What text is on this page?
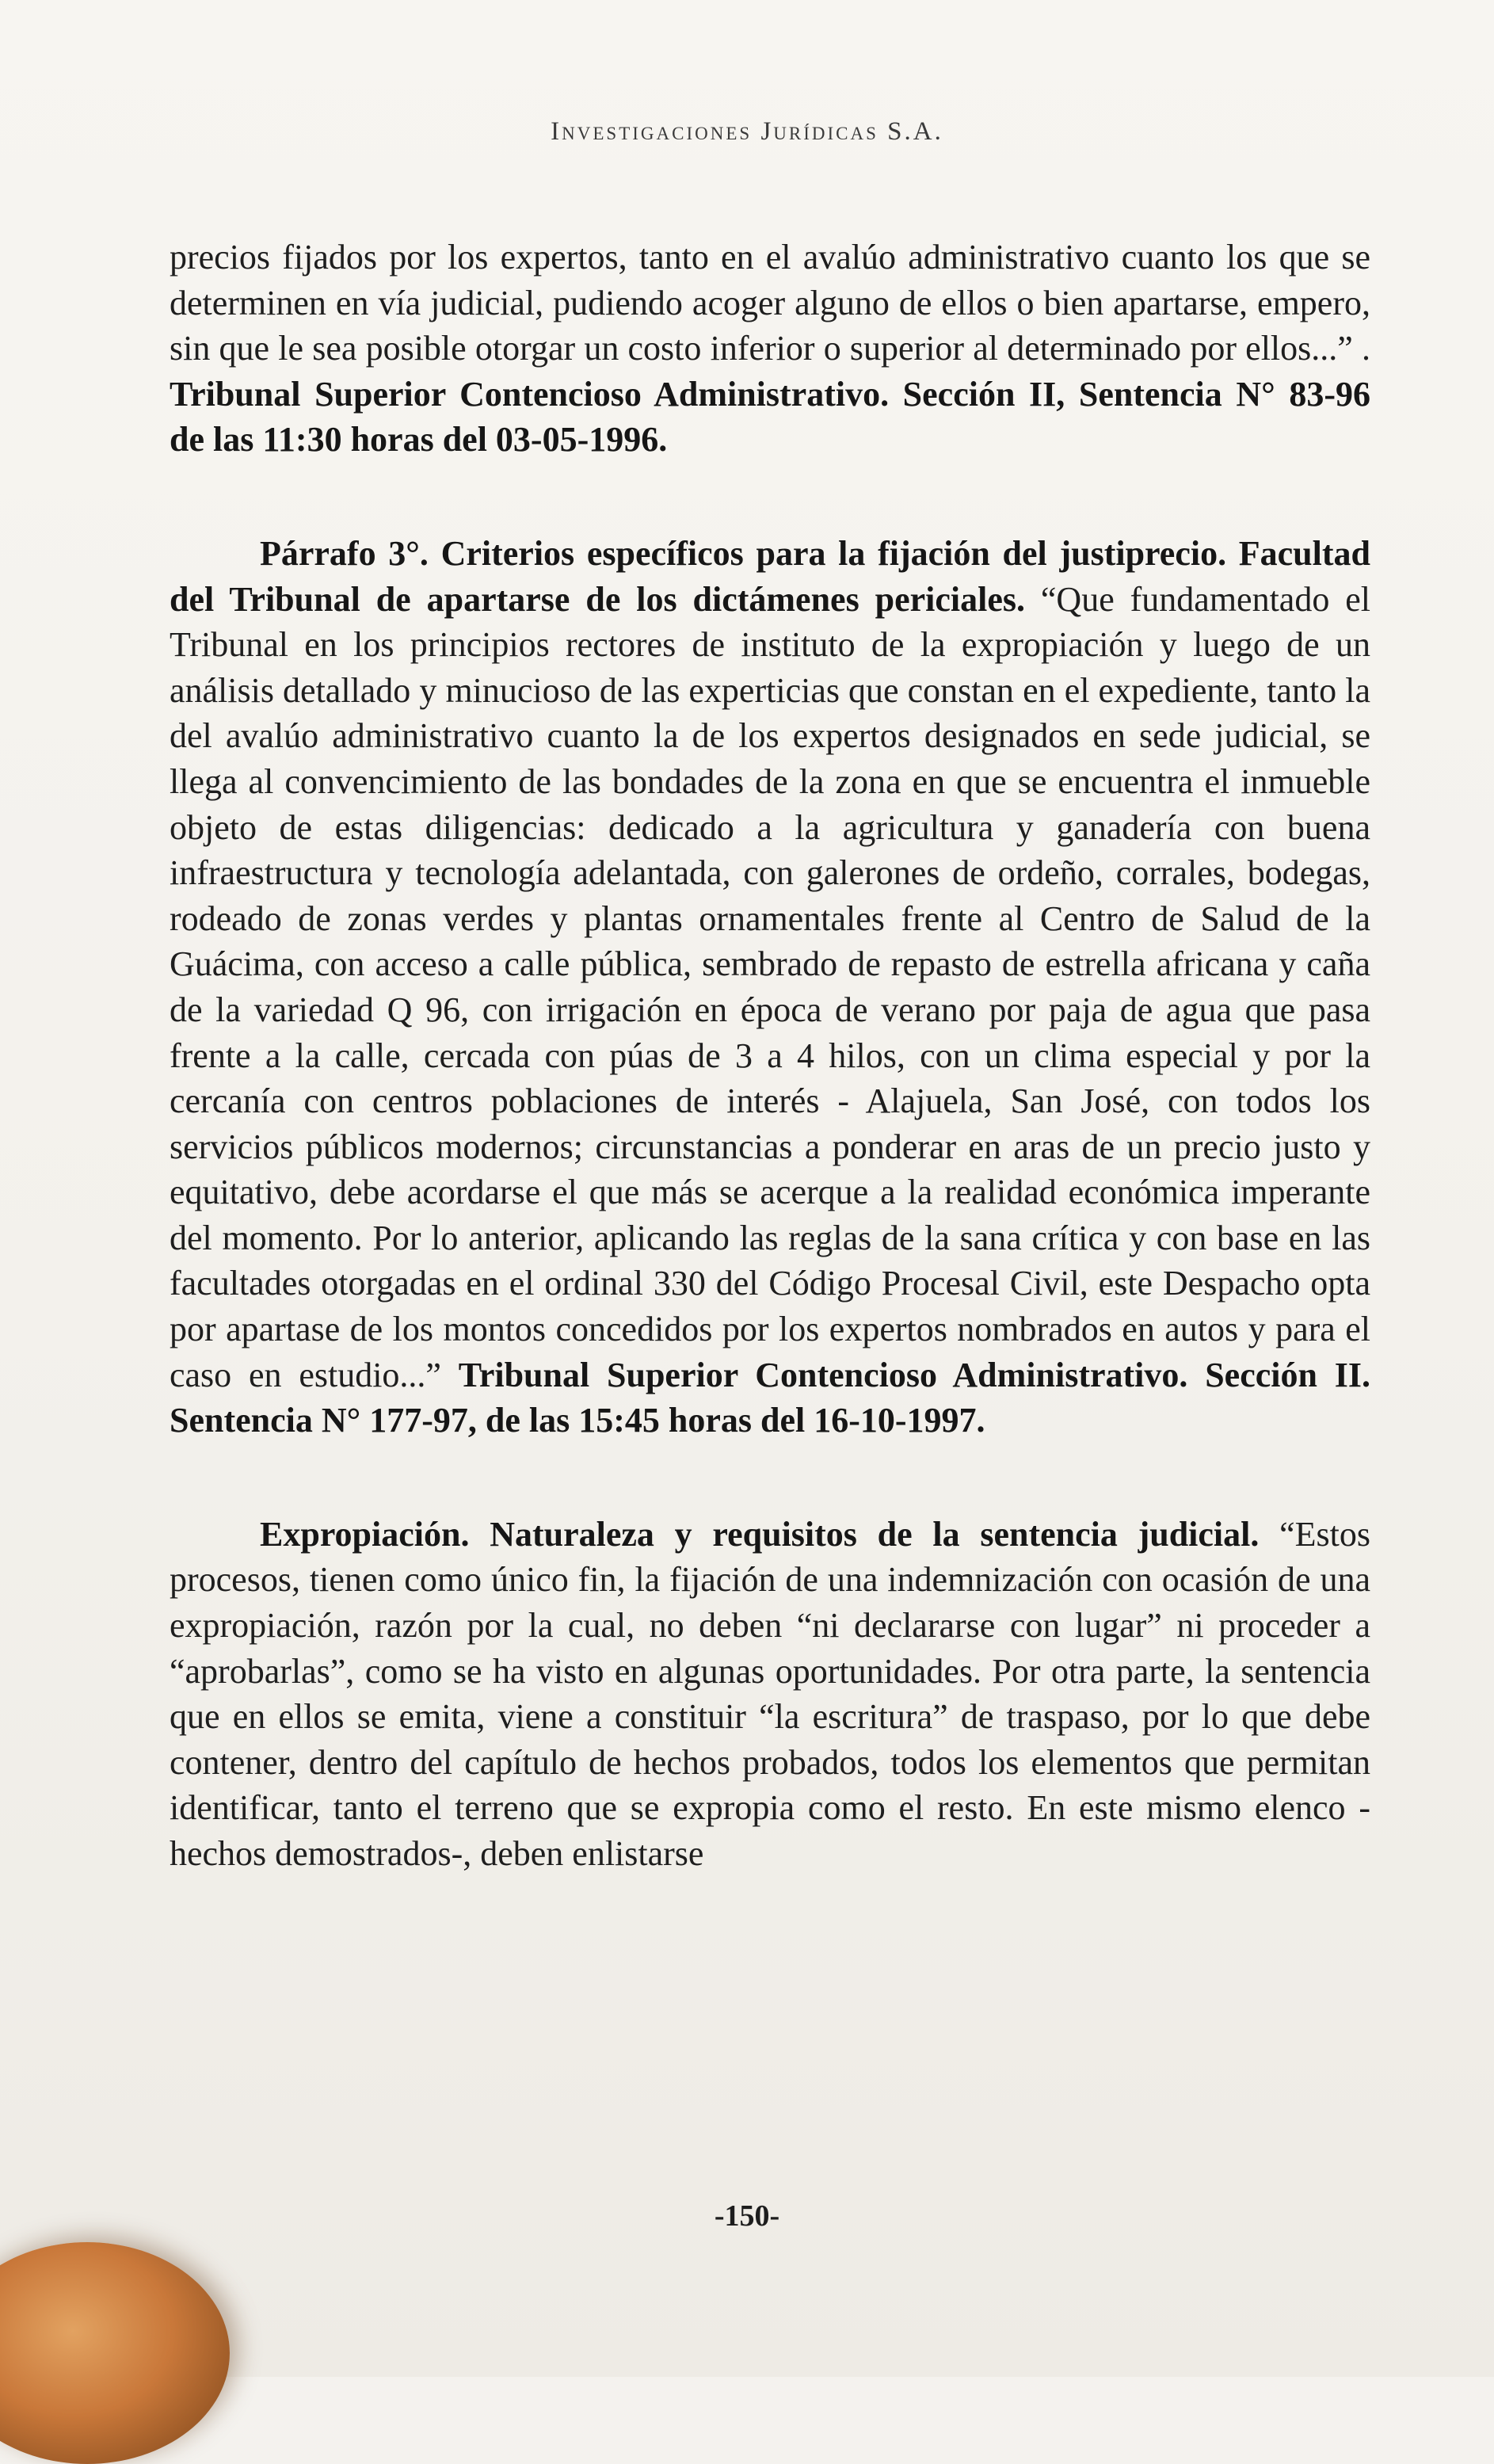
Investigaciones Jurídicas S.A.

precios fijados por los expertos, tanto en el avalúo administrativo cuanto los que se determinen en vía judicial, pudiendo acoger alguno de ellos o bien apartarse, empero, sin que le sea posible otorgar un costo inferior o superior al determinado por ellos...” . Tribunal Superior Contencioso Administrativo. Sección II, Sentencia N° 83-96 de las 11:30 horas del 03-05-1996.

Párrafo 3°. Criterios específicos para la fijación del justiprecio. Facultad del Tribunal de apartarse de los dictámenes periciales. “Que fundamentado el Tribunal en los principios rectores de instituto de la expropiación y luego de un análisis detallado y minucioso de las experticias que constan en el expediente, tanto la del avalúo administrativo cuanto la de los expertos designados en sede judicial, se llega al convencimiento de las bondades de la zona en que se encuentra el inmueble objeto de estas diligencias: dedicado a la agricultura y ganadería con buena infraestructura y tecnología adelantada, con galerones de ordeño, corrales, bodegas, rodeado de zonas verdes y plantas ornamentales frente al Centro de Salud de la Guácima, con acceso a calle pública, sembrado de repasto de estrella africana y caña de la variedad Q 96, con irrigación en época de verano por paja de agua que pasa frente a la calle, cercada con púas de 3 a 4 hilos, con un clima especial y por la cercanía con centros poblaciones de interés - Alajuela, San José, con todos los servicios públicos modernos; circunstancias a ponderar en aras de un precio justo y equitativo, debe acordarse el que más se acerque a la realidad económica imperante del momento. Por lo anterior, aplicando las reglas de la sana crítica y con base en las facultades otorgadas en el ordinal 330 del Código Procesal Civil, este Despacho opta por apartase de los montos concedidos por los expertos nombrados en autos y para el caso en estudio...” Tribunal Superior Contencioso Administrativo. Sección II. Sentencia N° 177-97, de las 15:45 horas del 16-10-1997.

Expropiación. Naturaleza y requisitos de la sentencia judicial. “Estos procesos, tienen como único fin, la fijación de una indemnización con ocasión de una expropiación, razón por la cual, no deben “ni declararse con lugar” ni proceder a “aprobarlas”, como se ha visto en algunas oportunidades. Por otra parte, la sentencia que en ellos se emita, viene a constituir “la escritura” de traspaso, por lo que debe contener, dentro del capítulo de hechos probados, todos los elementos que permitan identificar, tanto el terreno que se expropia como el resto. En este mismo elenco -hechos demostrados-, deben enlistarse

-150-
